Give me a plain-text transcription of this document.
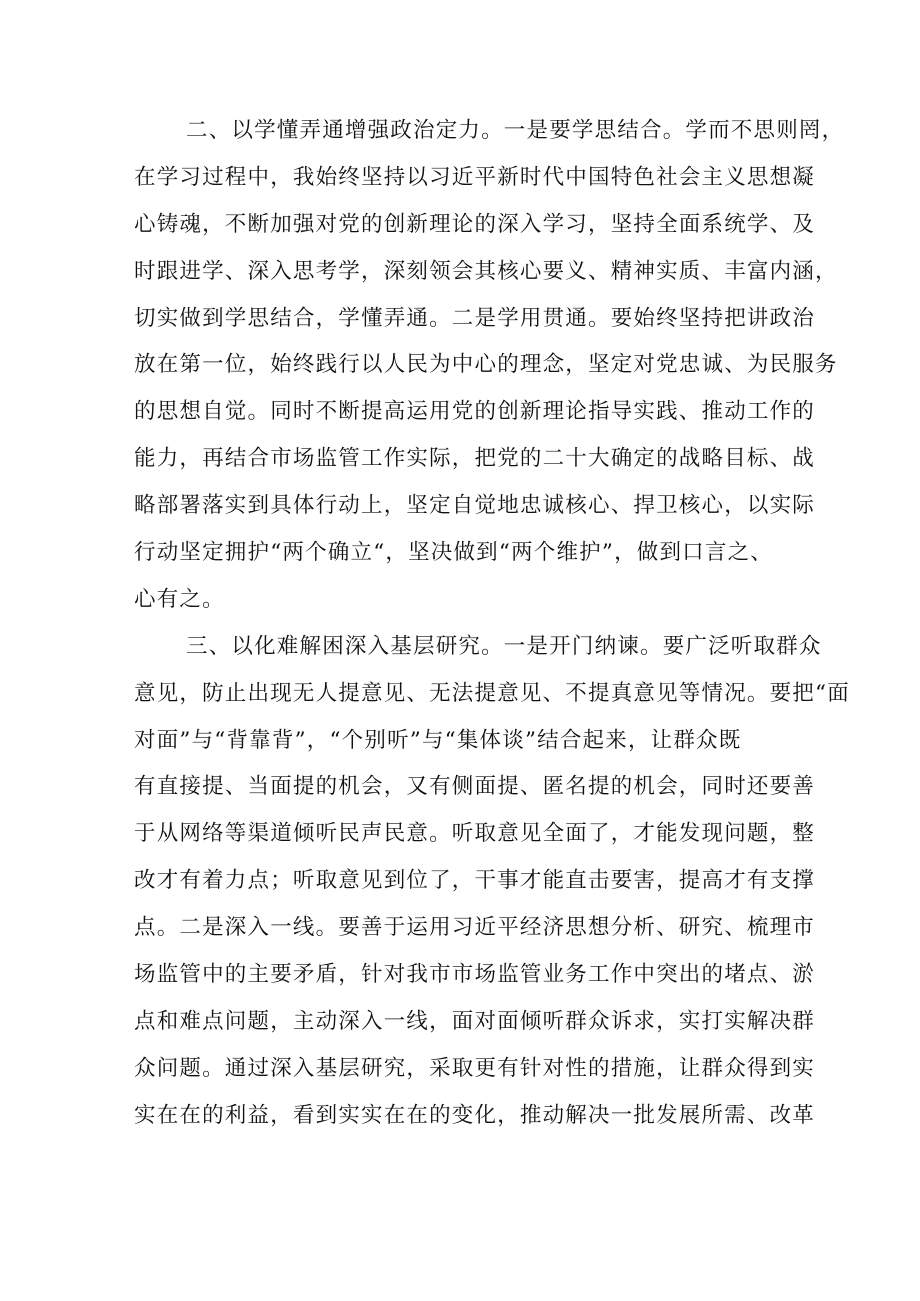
二、以学懂弄通增强政治定力。一是要学思结合。学而不思则罔，
在学习过程中，我始终坚持以习近平新时代中国特色社会主义思想凝
心铸魂，不断加强对党的创新理论的深入学习，坚持全面系统学、及
时跟进学、深入思考学，深刻领会其核心要义、精神实质、丰富内涵，
切实做到学思结合，学懂弄通。二是学用贯通。要始终坚持把讲政治
放在第一位，始终践行以人民为中心的理念，坚定对党忠诚、为民服务
的思想自觉。同时不断提高运用党的创新理论指导实践、推动工作的
能力，再结合市场监管工作实际，把党的二十大确定的战略目标、战
略部署落实到具体行动上，坚定自觉地忠诚核心、捍卫核心，以实际
行动坚定拥护“两个确立“，坚决做到“两个维护”，做到口言之、
心有之。
三、以化难解困深入基层研究。一是开门纳谏。要广泛听取群众
意见，防止出现无人提意见、无法提意见、不提真意见等情况。要把“面
对面”与“背靠背”，“个别听”与“集体谈”结合起来，让群众既
有直接提、当面提的机会，又有侧面提、匿名提的机会，同时还要善
于从网络等渠道倾听民声民意。听取意见全面了，才能发现问题，整
改才有着力点；听取意见到位了，干事才能直击要害，提高才有支撑
点。二是深入一线。要善于运用习近平经济思想分析、研究、梳理市
场监管中的主要矛盾，针对我市市场监管业务工作中突出的堵点、淤
点和难点问题，主动深入一线，面对面倾听群众诉求，实打实解决群
众问题。通过深入基层研究，采取更有针对性的措施，让群众得到实
实在在的利益，看到实实在在的变化，推动解决一批发展所需、改革
